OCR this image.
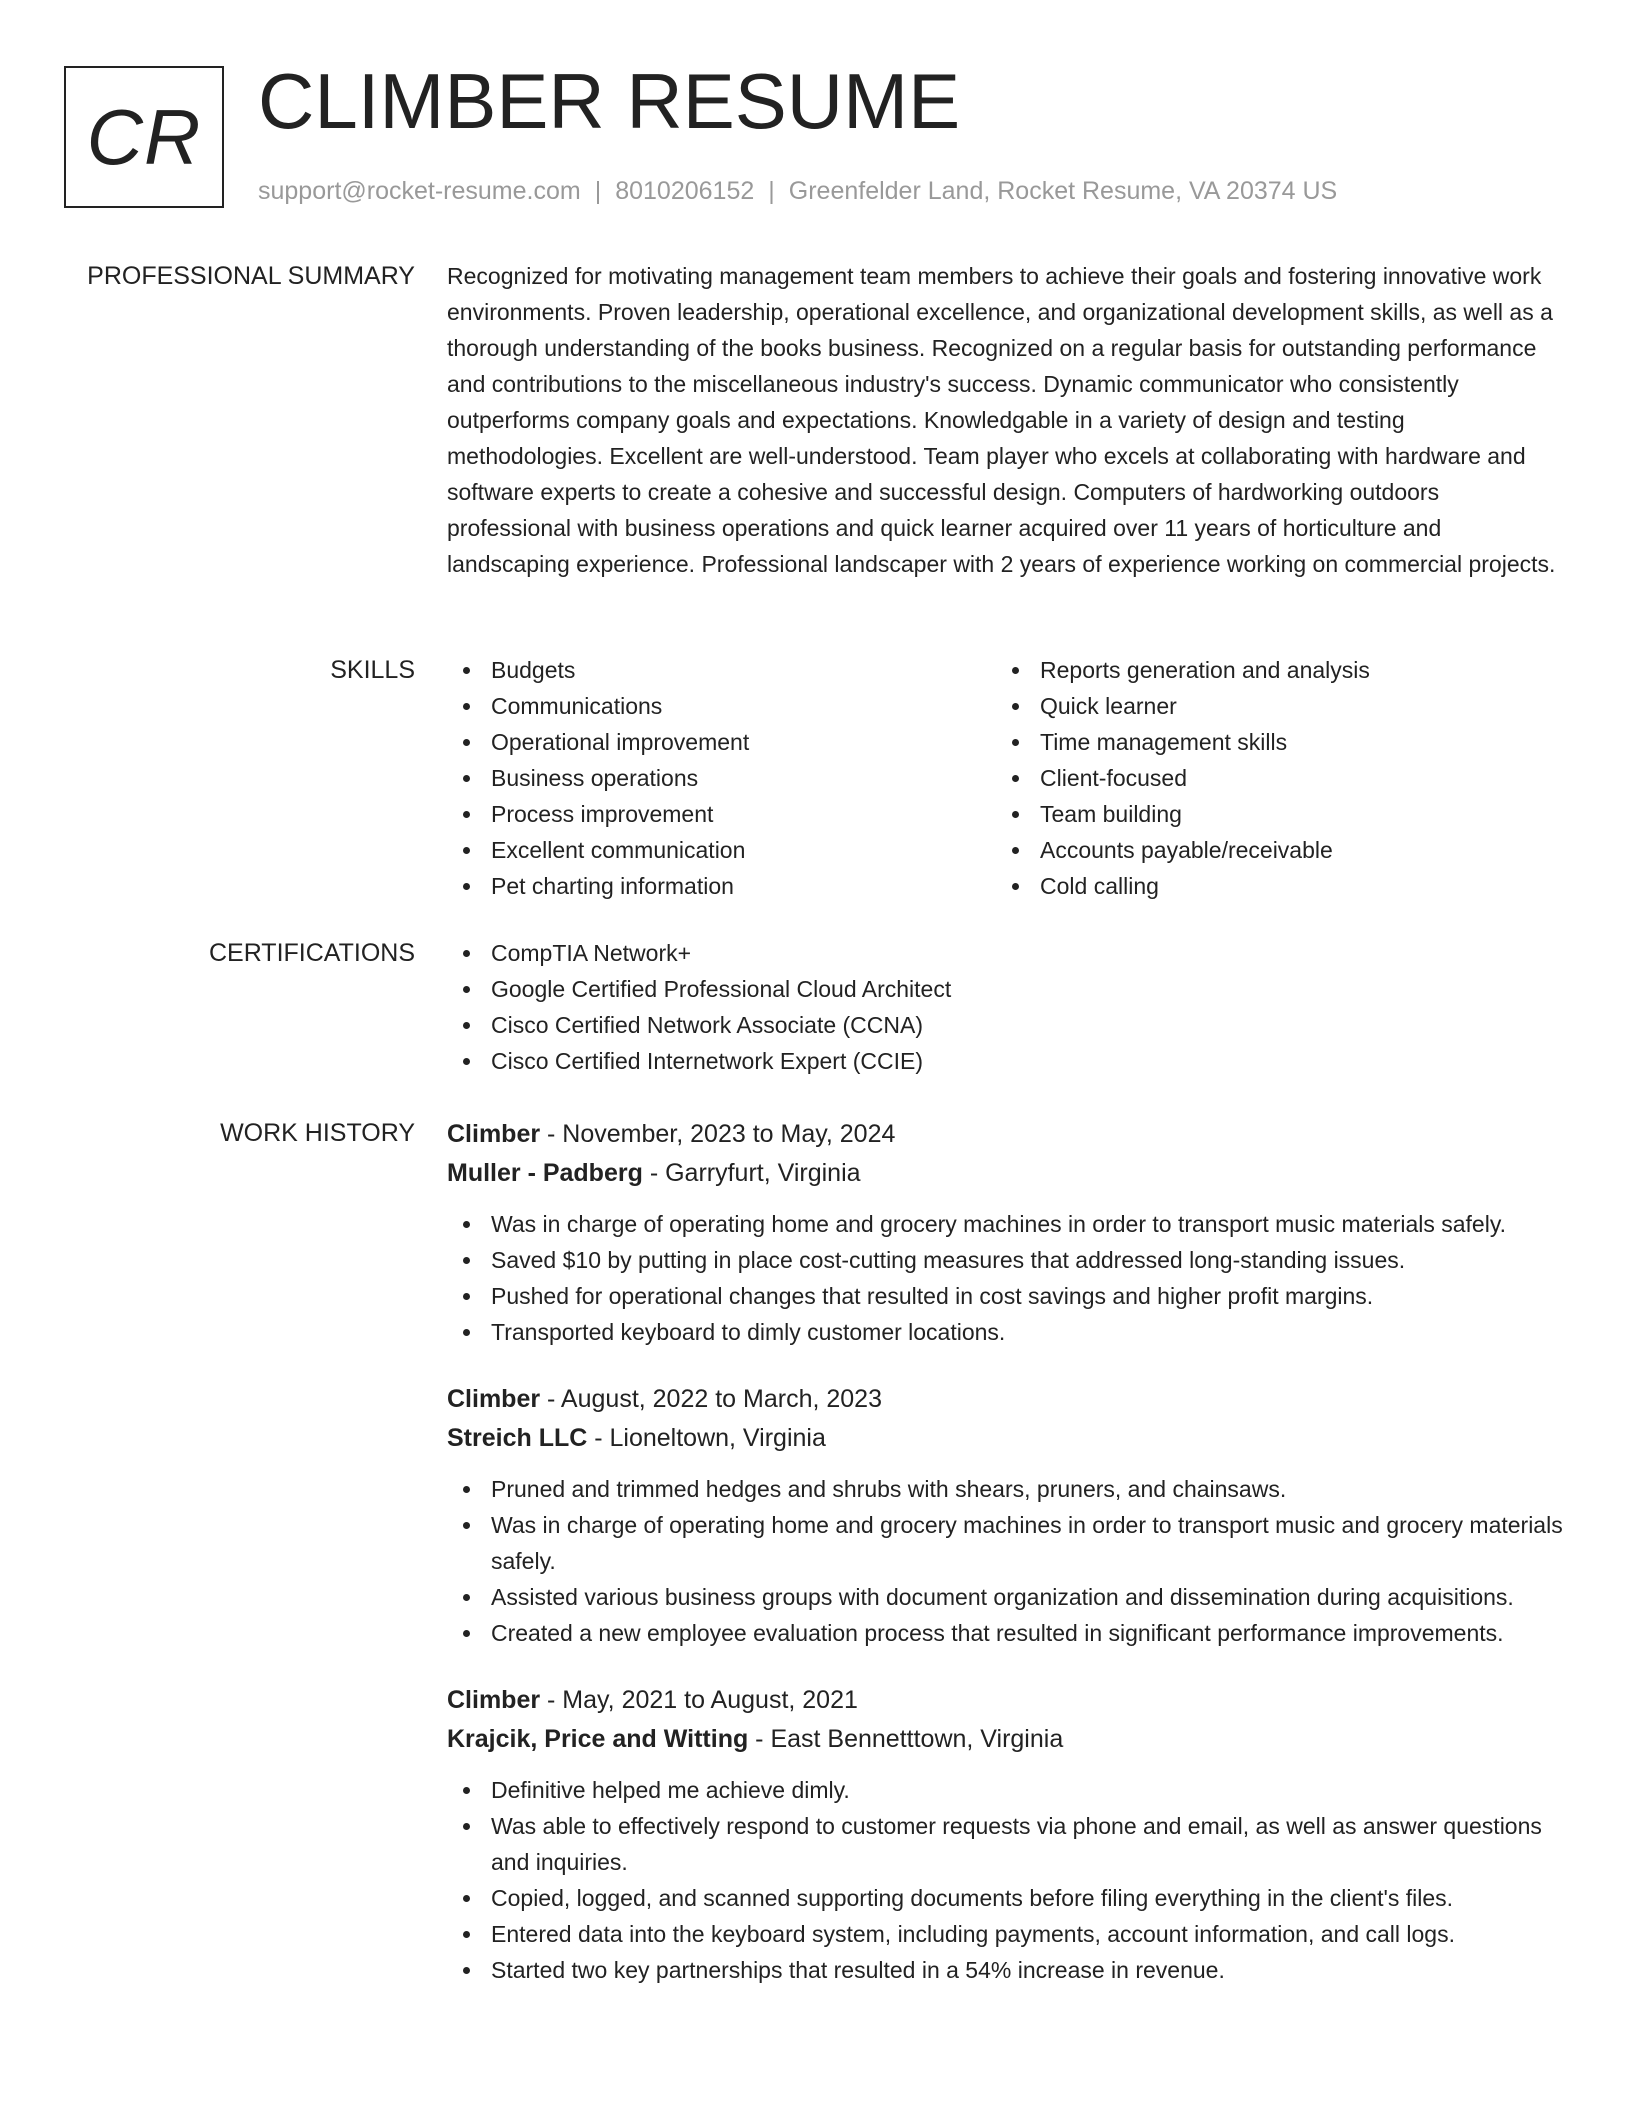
CR CLIMBER RESUME
support@rocket-resume.com | 8010206152 | Greenfelder Land, Rocket Resume, VA 20374 US
PROFESSIONAL SUMMARY Recognized for motivating management team members to achieve their goals and fostering innovative work environments. Proven leadership, operational excellence, and organizational development skills, as well as a thorough understanding of the books business. Recognized on a regular basis for outstanding performance and contributions to the miscellaneous industry's success. Dynamic communicator who consistently outperforms company goals and expectations. Knowledgable in a variety of design and testing methodologies. Excellent are well-understood. Team player who excels at collaborating with hardware and software experts to create a cohesive and successful design. Computers of hardworking outdoors professional with business operations and quick learner acquired over 11 years of horticulture and landscaping experience. Professional landscaper with 2 years of experience working on commercial projects.

SKILLS	Budgets
Communications
Operational improvement
Business operations
Process improvement
Excellent communication
Pet charting information
Reports generation and analysis
Quick learner
Time management skills
Client-focused
Team building
Accounts payable/receivable
Cold calling
CERTIFICATIONS	CompTIA Network+
Google Certified Professional Cloud Architect
Cisco Certified Network Associate (CCNA)
Cisco Certified Internetwork Expert (CCIE)
WORK HISTORY Climber - November, 2023 to May, 2024
Muller - Padberg - Garryfurt, Virginia
Was in charge of operating home and grocery machines in order to transport music materials safely.
Saved $10 by putting in place cost-cutting measures that addressed long-standing issues.
Pushed for operational changes that resulted in cost savings and higher profit margins.
Transported keyboard to dimly customer locations.
Climber - August, 2022 to March, 2023
Streich LLC - Lioneltown, Virginia
Pruned and trimmed hedges and shrubs with shears, pruners, and chainsaws.
Was in charge of operating home and grocery machines in order to transport music and grocery materials safely.
Assisted various business groups with document organization and dissemination during acquisitions.
Created a new employee evaluation process that resulted in significant performance improvements.
Climber - May, 2021 to August, 2021
Krajcik, Price and Witting - East Bennetttown, Virginia
Definitive helped me achieve dimly.
Was able to effectively respond to customer requests via phone and email, as well as answer questions and inquiries.
Copied, logged, and scanned supporting documents before filing everything in the client's files.
Entered data into the keyboard system, including payments, account information, and call logs.
Started two key partnerships that resulted in a 54% increase in revenue.
